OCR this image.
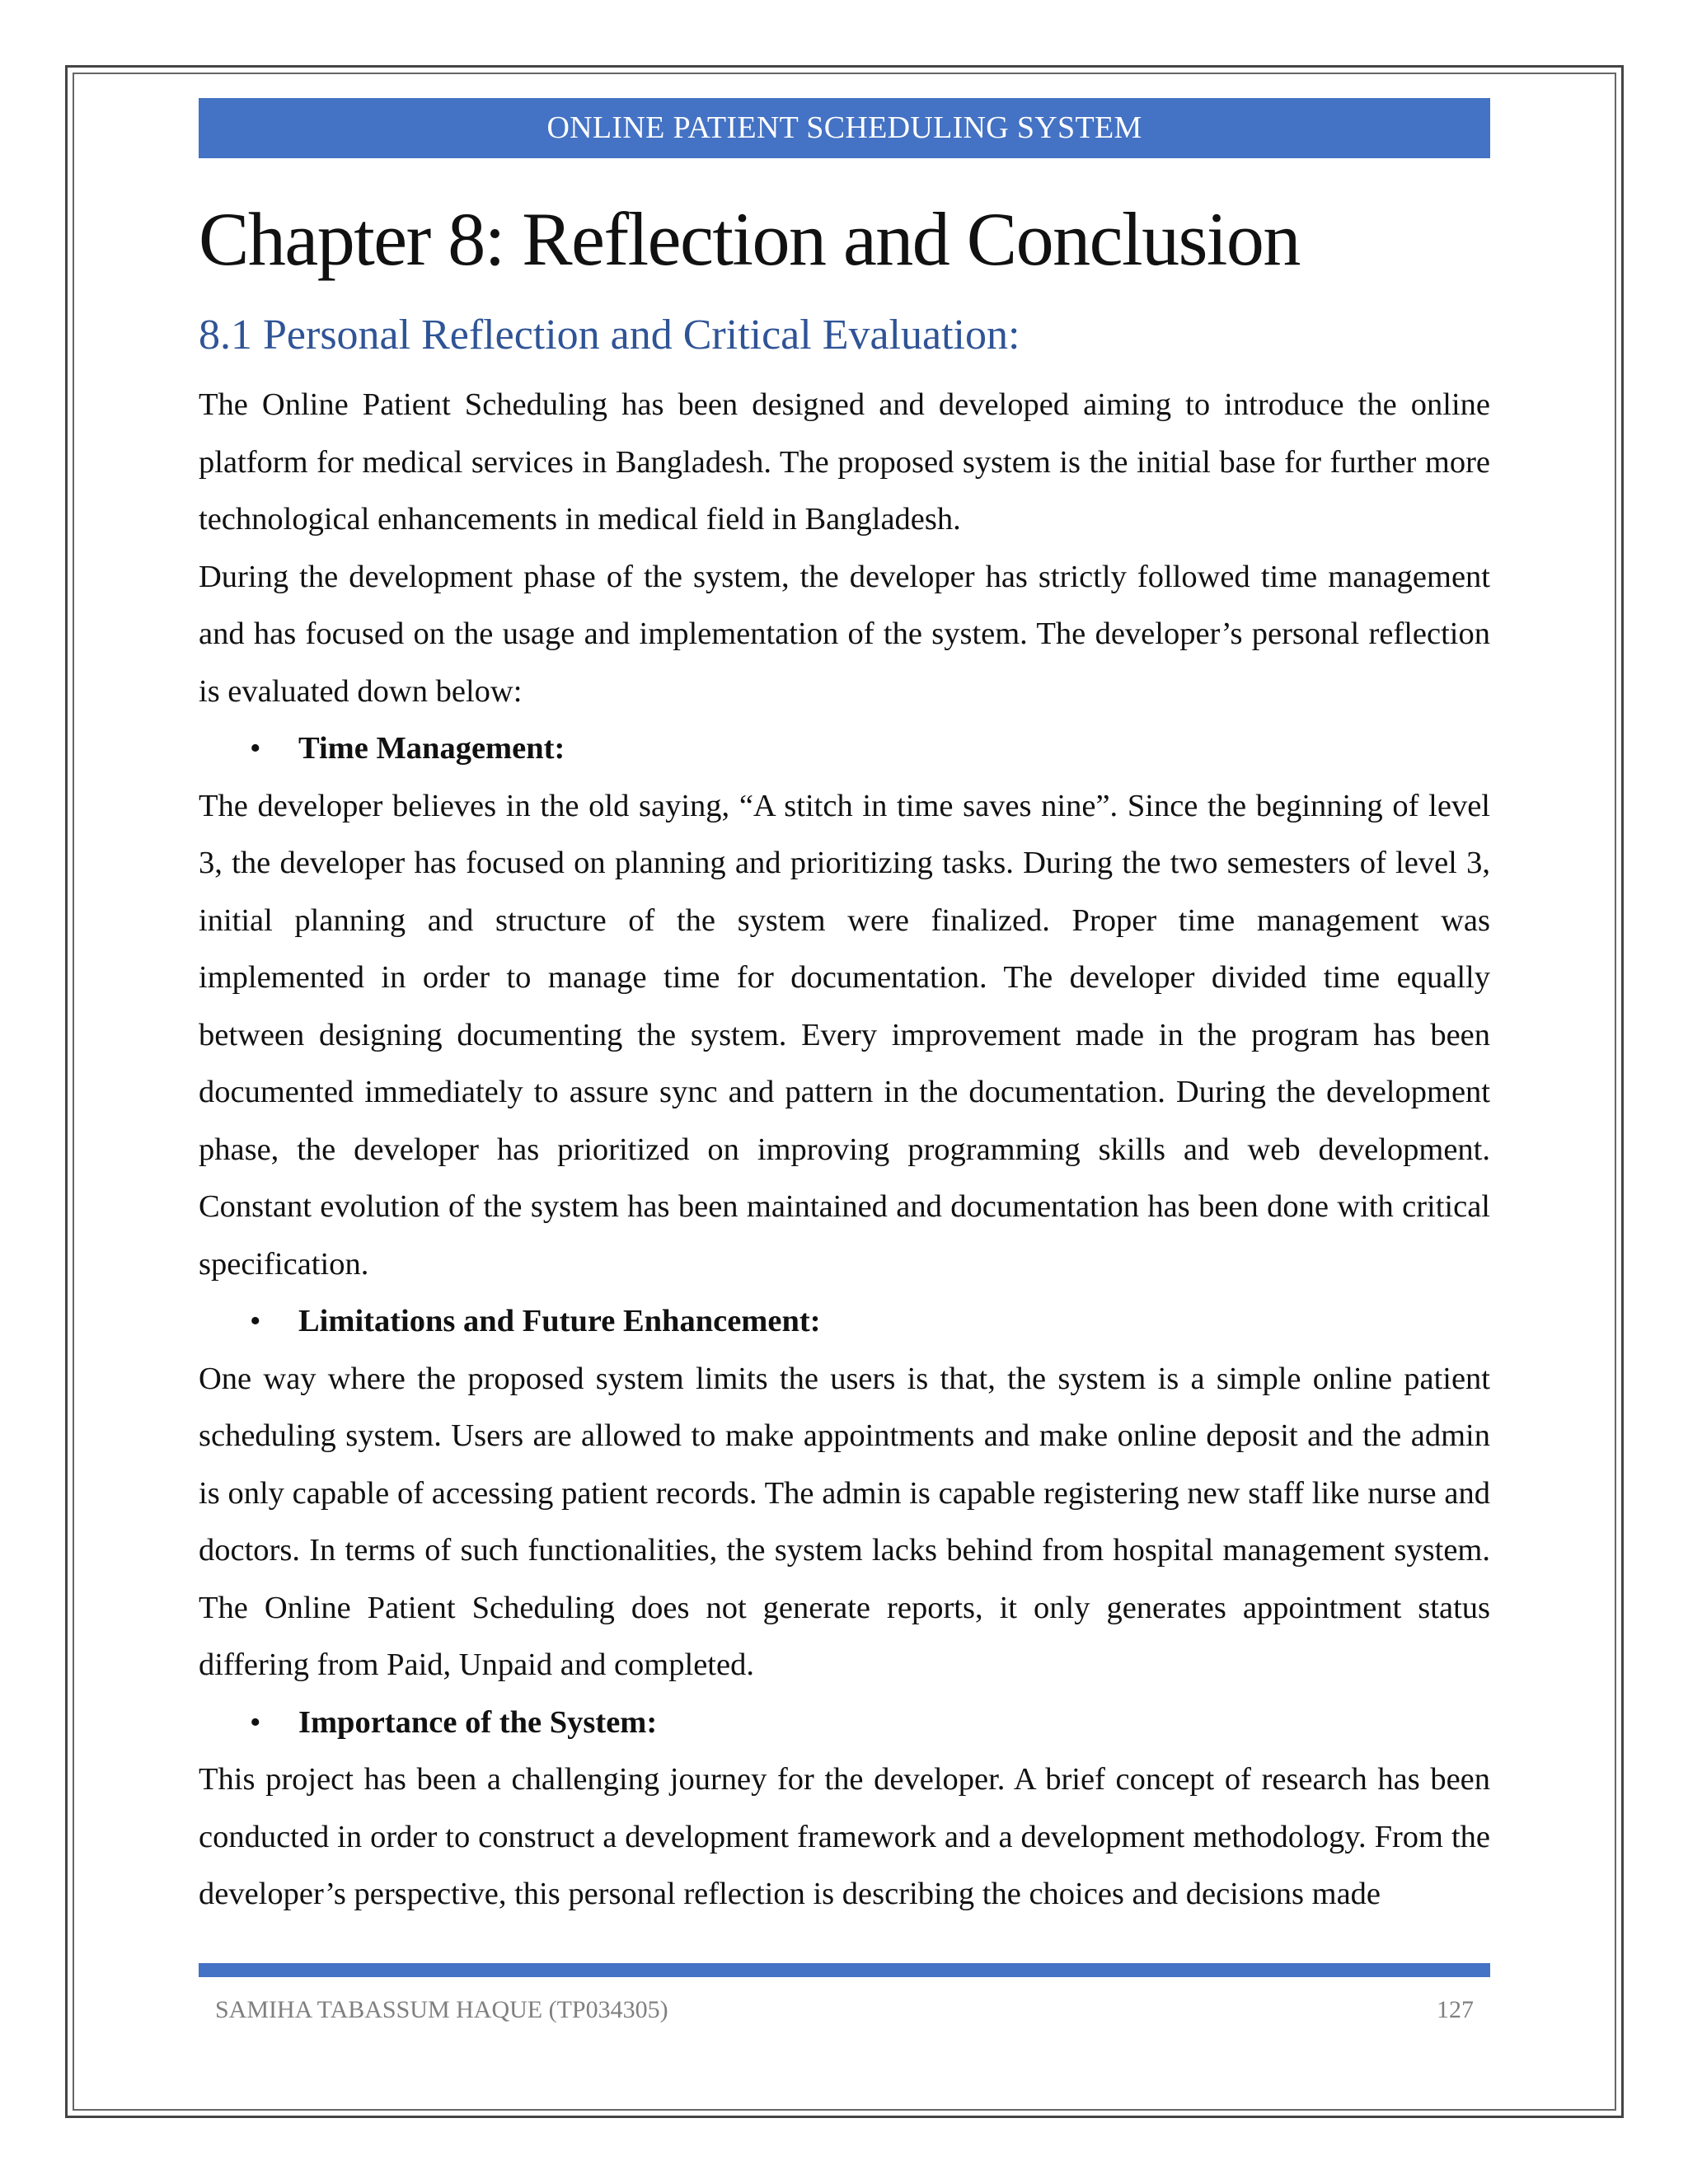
ONLINE PATIENT SCHEDULING SYSTEM
Chapter 8: Reflection and Conclusion
8.1 Personal Reflection and Critical Evaluation:

The Online Patient Scheduling has been designed and developed aiming to introduce the online platform for medical services in Bangladesh. The proposed system is the initial base for further more technological enhancements in medical field in Bangladesh.

During the development phase of the system, the developer has strictly followed time management and has focused on the usage and implementation of the system. The developer’s personal reflection is evaluated down below:

•	Time Management:

The developer believes in the old saying, “A stitch in time saves nine”. Since the beginning of level 3, the developer has focused on planning and prioritizing tasks. During the two semesters of level 3, initial planning and structure of the system were finalized. Proper time management was implemented in order to manage time for documentation. The developer divided time equally between designing documenting the system. Every improvement made in the program has been documented immediately to assure sync and pattern in the documentation. During the development phase, the developer has prioritized on improving programming skills and web development. Constant evolution of the system has been maintained and documentation has been done with critical specification.

•	Limitations and Future Enhancement:

One way where the proposed system limits the users is that, the system is a simple online patient scheduling system. Users are allowed to make appointments and make online deposit and the admin is only capable of accessing patient records. The admin is capable registering new staff like nurse and doctors. In terms of such functionalities, the system lacks behind from hospital management system. The Online Patient Scheduling does not generate reports, it only generates appointment status differing from Paid, Unpaid and completed.

•	Importance of the System:

This project has been a challenging journey for the developer. A brief concept of research has been conducted in order to construct a development framework and a development methodology. From the developer’s perspective, this personal reflection is describing the choices and decisions made

SAMIHA TABASSUM HAQUE (TP034305)	127
